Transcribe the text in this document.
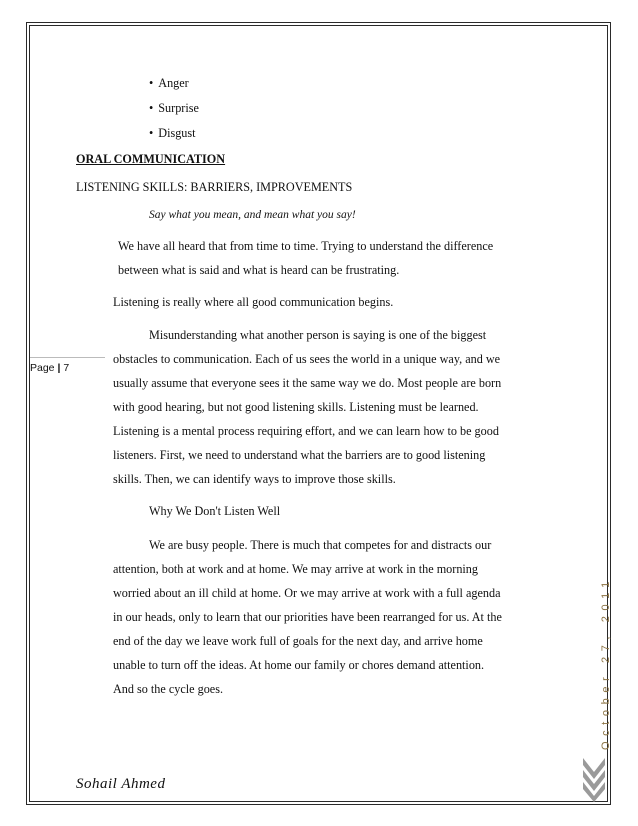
• Anger
• Surprise
• Disgust
ORAL COMMUNICATION
LISTENING SKILLS: BARRIERS, IMPROVEMENTS
Say what you mean, and mean what you say!
We have all heard that from time to time. Trying to understand the difference
between what is said and what is heard can be frustrating.
Listening is really where all good communication begins.
Misunderstanding what another person is saying is one of the biggest
obstacles to communication. Each of us sees the world in a unique way, and we
usually assume that everyone sees it the same way we do. Most people are born
with good hearing, but not good listening skills. Listening must be learned.
Listening is a mental process requiring effort, and we can learn how to be good
listeners. First, we need to understand what the barriers are to good listening
skills. Then, we can identify ways to improve those skills.
Why We Don't Listen Well
We are busy people. There is much that competes for and distracts our
attention, both at work and at home. We may arrive at work in the morning
worried about an ill child at home. Or we may arrive at work with a full agenda
in our heads, only to learn that our priorities have been rearranged for us. At the
end of the day we leave work full of goals for the next day, and arrive home
unable to turn off the ideas. At home our family or chores demand attention.
And so the cycle goes.
Page | 7
October 27, 2011
Sohail Ahmed
